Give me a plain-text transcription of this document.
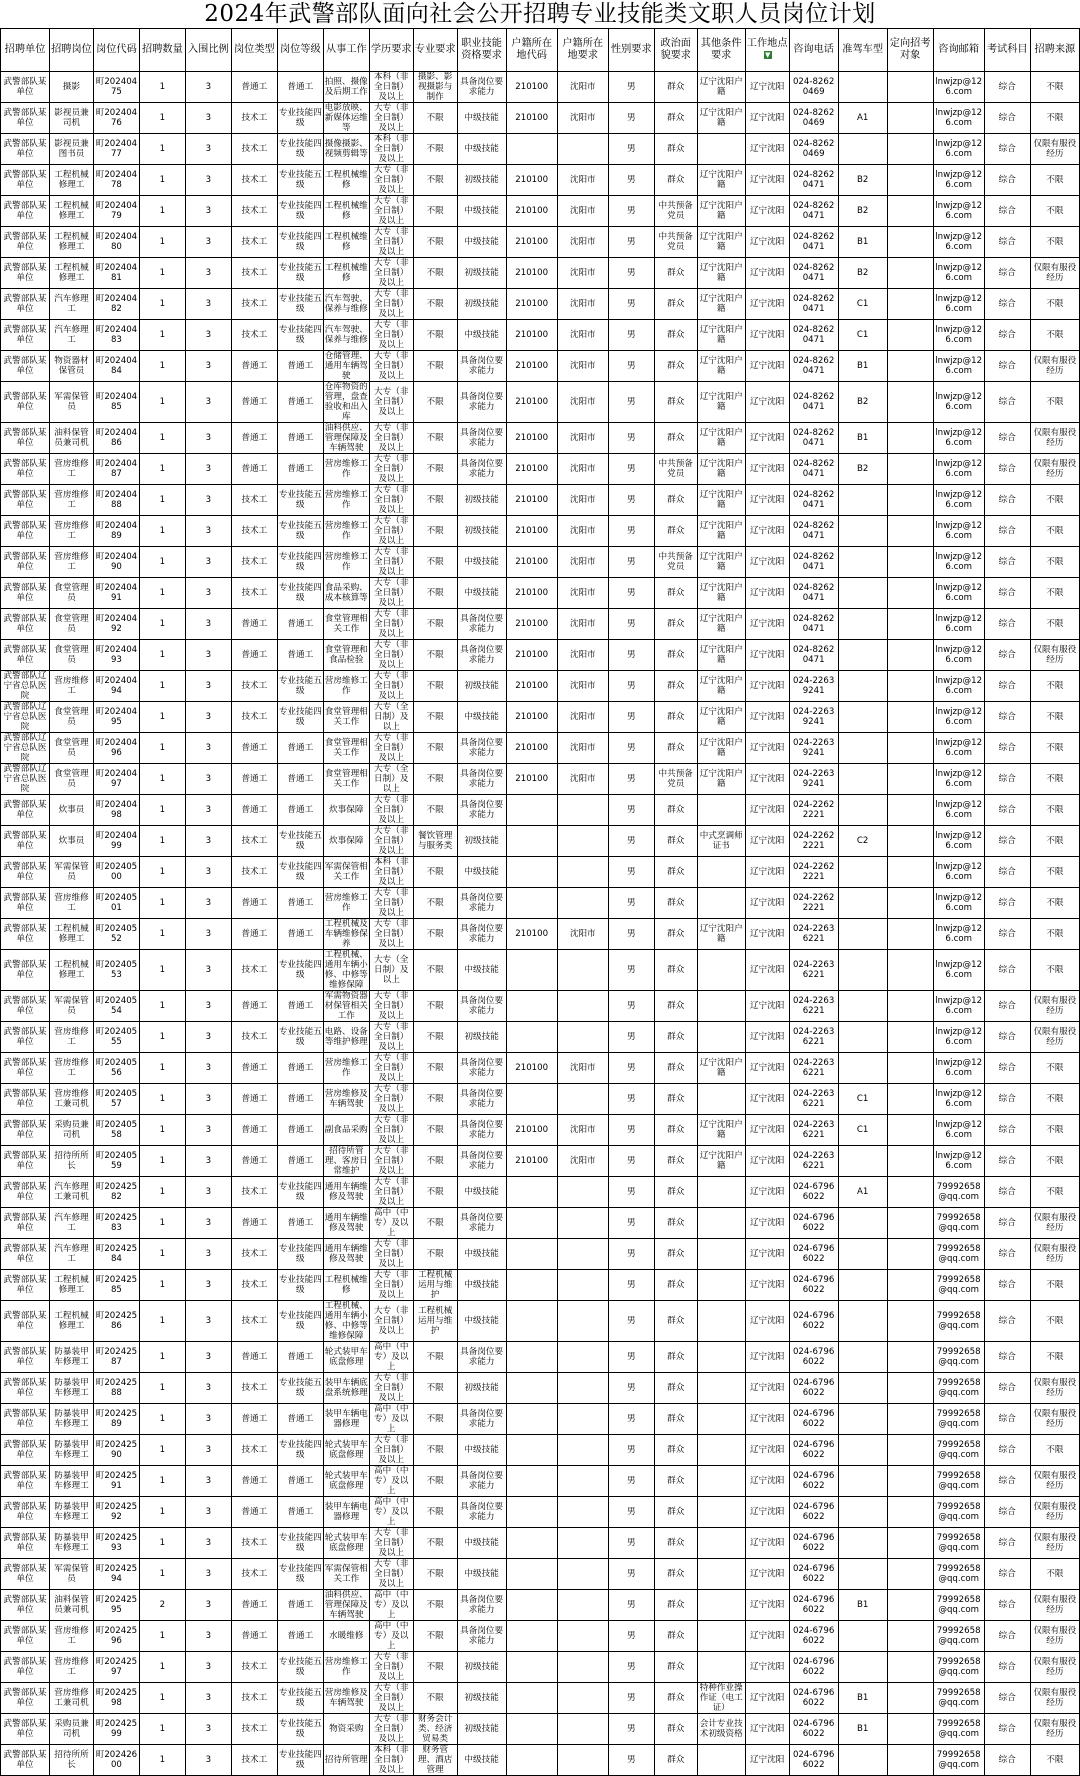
2024年武警部队面向社会公开招聘专业技能类文职人员岗位计划
招聘单位	招聘岗位	岗位代码	招聘数量	入围比例	岗位类型	岗位等级	从事工作	学历要求	专业要求	职业技能资格要求	户籍所在地代码	户籍所在地要求	性别要求	政治面貌要求	其他条件要求	工作地点▼	咨询电话	准驾车型	定向招考对象	咨询邮箱	考试科目	招聘来源
武警部队某单位	摄影	町20240475	1	3	普通工	普通工	拍照、摄像及后期工作	本科（非全日制）及以上	摄影、影视摄影与制作	具备岗位要求能力	210100	沈阳市	男	群众	辽宁沈阳户籍	辽宁沈阳	024-82620469			lnwjzp@126.com	综合	不限
武警部队某单位	影视员兼司机	町20240476	1	3	技术工	专业技能四级	电影放映、新媒体运维等	大专（非全日制）及以上	不限	中级技能	210100	沈阳市	男	群众	辽宁沈阳户籍	辽宁沈阳	024-82620469	A1		lnwjzp@126.com	综合	不限
武警部队某单位	影视员兼图书员	町20240477	1	3	技术工	专业技能四级	摄像摄影、视频剪辑等	本科（非全日制）及以上	不限	中级技能			男	群众		辽宁沈阳	024-82620469			lnwjzp@126.com	综合	仅限有服役经历
武警部队某单位	工程机械修理工	町20240478	1	3	技术工	专业技能五级	工程机械维修	大专（非全日制）及以上	不限	初级技能	210100	沈阳市	男	群众	辽宁沈阳户籍	辽宁沈阳	024-82620471	B2		lnwjzp@126.com	综合	不限
武警部队某单位	工程机械修理工	町20240479	1	3	技术工	专业技能四级	工程机械维修	大专（非全日制）及以上	不限	中级技能	210100	沈阳市	男	中共预备党员	辽宁沈阳户籍	辽宁沈阳	024-82620471	B2		lnwjzp@126.com	综合	不限
武警部队某单位	工程机械修理工	町20240480	1	3	技术工	专业技能四级	工程机械维修	大专（非全日制）及以上	不限	中级技能	210100	沈阳市	男	中共预备党员	辽宁沈阳户籍	辽宁沈阳	024-82620471	B1		lnwjzp@126.com	综合	不限
武警部队某单位	工程机械修理工	町20240481	1	3	技术工	专业技能五级	工程机械维修	大专（非全日制）及以上	不限	初级技能	210100	沈阳市	男	群众	辽宁沈阳户籍	辽宁沈阳	024-82620471	B2		lnwjzp@126.com	综合	仅限有服役经历
武警部队某单位	汽车修理工	町20240482	1	3	技术工	专业技能五级	汽车驾驶、保养与维修	大专（非全日制）及以上	不限	初级技能	210100	沈阳市	男	群众	辽宁沈阳户籍	辽宁沈阳	024-82620471	C1		lnwjzp@126.com	综合	不限
武警部队某单位	汽车修理工	町20240483	1	3	技术工	专业技能四级	汽车驾驶、保养与维修	大专（非全日制）及以上	不限	中级技能	210100	沈阳市	男	群众	辽宁沈阳户籍	辽宁沈阳	024-82620471	C1		lnwjzp@126.com	综合	不限
武警部队某单位	物资器材保管员	町20240484	1	3	普通工	普通工	仓储管理、通用车辆驾驶	大专（非全日制）及以上	不限	具备岗位要求能力	210100	沈阳市	男	群众	辽宁沈阳户籍	辽宁沈阳	024-82620471	B1		lnwjzp@126.com	综合	仅限有服役经历
武警部队某单位	军需保管员	町20240485	1	3	普通工	普通工	仓库物资的管理，盘查验收和出入库	大专（非全日制）及以上	不限	具备岗位要求能力	210100	沈阳市	男	群众	辽宁沈阳户籍	辽宁沈阳	024-82620471	B2		lnwjzp@126.com	综合	不限
武警部队某单位	油料保管员兼司机	町20240486	1	3	普通工	普通工	油料供应、管理保障及车辆驾驶	大专（非全日制）及以上	不限	具备岗位要求能力	210100	沈阳市	男	群众	辽宁沈阳户籍	辽宁沈阳	024-82620471	B1		lnwjzp@126.com	综合	仅限有服役经历
武警部队某单位	营房维修工	町20240487	1	3	普通工	普通工	营房维修工作	大专（非全日制）及以上	不限	具备岗位要求能力	210100	沈阳市	男	中共预备党员	辽宁沈阳户籍	辽宁沈阳	024-82620471	B2		lnwjzp@126.com	综合	仅限有服役经历
武警部队某单位	营房维修工	町20240488	1	3	技术工	专业技能五级	营房维修工作	大专（非全日制）及以上	不限	初级技能	210100	沈阳市	男	群众	辽宁沈阳户籍	辽宁沈阳	024-82620471			lnwjzp@126.com	综合	不限
武警部队某单位	营房维修工	町20240489	1	3	技术工	专业技能五级	营房维修工作	大专（非全日制）及以上	不限	初级技能	210100	沈阳市	男	群众	辽宁沈阳户籍	辽宁沈阳	024-82620471			lnwjzp@126.com	综合	不限
武警部队某单位	营房维修工	町20240490	1	3	技术工	专业技能四级	营房维修工作	大专（非全日制）及以上	不限	中级技能	210100	沈阳市	男	中共预备党员	辽宁沈阳户籍	辽宁沈阳	024-82620471			lnwjzp@126.com	综合	不限
武警部队某单位	食堂管理员	町20240491	1	3	技术工	专业技能四级	食品采购、成本核算等	大专（非全日制）及以上	不限	中级技能	210100	沈阳市	男	群众	辽宁沈阳户籍	辽宁沈阳	024-82620471			lnwjzp@126.com	综合	不限
武警部队某单位	食堂管理员	町20240492	1	3	普通工	普通工	食堂管理相关工作	大专（非全日制）及以上	不限	具备岗位要求能力	210100	沈阳市	男	群众	辽宁沈阳户籍	辽宁沈阳	024-82620471			lnwjzp@126.com	综合	不限
武警部队某单位	食堂管理员	町20240493	1	3	普通工	普通工	食堂管理和食品检验	大专（非全日制）及以上	不限	具备岗位要求能力	210100	沈阳市	男	群众	辽宁沈阳户籍	辽宁沈阳	024-82620471			lnwjzp@126.com	综合	仅限有服役经历
武警部队辽宁省总队医院	营房维修工	町20240494	1	3	技术工	专业技能五级	营房维修工作	大专（非全日制）及以上	不限	初级技能	210100	沈阳市	男	群众	辽宁沈阳户籍	辽宁沈阳	024-22639241			lnwjzp@126.com	综合	不限
武警部队辽宁省总队医院	食堂管理员	町20240495	1	3	技术工	专业技能四级	食堂管理相关工作	大专（全日制）及以上	不限	中级技能	210100	沈阳市	男	群众	辽宁沈阳户籍	辽宁沈阳	024-22639241			lnwjzp@126.com	综合	不限
武警部队辽宁省总队医院	食堂管理员	町20240496	1	3	普通工	普通工	食堂管理相关工作	大专（非全日制）及以上	不限	具备岗位要求能力	210100	沈阳市	男	群众	辽宁沈阳户籍	辽宁沈阳	024-22639241			lnwjzp@126.com	综合	不限
武警部队辽宁省总队医院	食堂管理员	町20240497	1	3	普通工	普通工	食堂管理相关工作	大专（全日制）及以上	不限	具备岗位要求能力	210100	沈阳市	男	中共预备党员	辽宁沈阳户籍	辽宁沈阳	024-22639241			lnwjzp@126.com	综合	不限
武警部队某单位	炊事员	町20240498	1	3	普通工	普通工	炊事保障	大专（非全日制）及以上	不限	具备岗位要求能力			男	群众		辽宁沈阳	024-22622221			lnwjzp@126.com	综合	不限
武警部队某单位	炊事员	町20240499	1	3	技术工	专业技能五级	炊事保障	大专（非全日制）及以上	餐饮管理与服务类	初级技能			男	群众	中式烹调师证书	辽宁沈阳	024-22622221	C2		lnwjzp@126.com	综合	不限
武警部队某单位	军需保管员	町20240500	1	3	技术工	专业技能四级	军需保管相关工作	本科（非全日制）及以上	不限	中级技能			男	群众		辽宁沈阳	024-22622221			lnwjzp@126.com	综合	不限
武警部队某单位	营房维修工	町20240501	1	3	普通工	普通工	营房维修工作	大专（非全日制）及以上	不限	具备岗位要求能力			男	群众		辽宁沈阳	024-22622221			lnwjzp@126.com	综合	不限
武警部队某单位	工程机械修理工	町20240552	1	3	普通工	普通工	工程机械及车辆维修保养	大专（非全日制）及以上	不限	具备岗位要求能力	210100	沈阳市	男	群众	辽宁沈阳户籍	辽宁沈阳	024-22636221			lnwjzp@126.com	综合	不限
武警部队某单位	工程机械修理工	町20240553	1	3	技术工	专业技能四级	工程机械、通用车辆小修、中修等维修保障	大专（全日制）及以上	不限	中级技能			男	群众		辽宁沈阳	024-22636221			lnwjzp@126.com	综合	不限
武警部队某单位	军需保管员	町20240554	1	3	普通工	普通工	军需物资器材保管相关工作	大专（非全日制）及以上	不限	具备岗位要求能力			男	群众		辽宁沈阳	024-22636221			lnwjzp@126.com	综合	仅限有服役经历
武警部队某单位	营房维修工	町20240555	1	3	技术工	专业技能五级	电路、设备等维护修理	大专（非全日制）及以上	不限	初级技能			男	群众		辽宁沈阳	024-22636221			lnwjzp@126.com	综合	仅限有服役经历
武警部队某单位	营房维修工	町20240556	1	3	普通工	普通工	营房维修工作	大专（非全日制）及以上	不限	具备岗位要求能力	210100	沈阳市	男	群众	辽宁沈阳户籍	辽宁沈阳	024-22636221			lnwjzp@126.com	综合	不限
武警部队某单位	营房维修工兼司机	町20240557	1	3	普通工	普通工	营房维修及车辆驾驶	大专（非全日制）及以上	不限	具备岗位要求能力			男	群众		辽宁沈阳	024-22636221	C1		lnwjzp@126.com	综合	不限
武警部队某单位	采购员兼司机	町20240558	1	3	普通工	普通工	副食品采购	大专（非全日制）及以上	不限	具备岗位要求能力	210100	沈阳市	男	群众	辽宁沈阳户籍	辽宁沈阳	024-22636221	C1		lnwjzp@126.com	综合	不限
武警部队某单位	招待所所长	町20240559	1	3	普通工	普通工	招待所管理、客房日常维护	大专（非全日制）及以上	不限	具备岗位要求能力	210100	沈阳市	男	群众	辽宁沈阳户籍	辽宁沈阳	024-22636221			lnwjzp@126.com	综合	不限
武警部队某单位	汽车修理工兼司机	町20242582	1	3	技术工	专业技能四级	通用车辆维修及驾驶	大专（非全日制）及以上	不限	中级技能			男	群众		辽宁沈阳	024-67966022	A1		79992658@qq.com	综合	不限
武警部队某单位	汽车修理工	町20242583	1	3	普通工	普通工	通用车辆维修及驾驶	高中（中专）及以上	不限	具备岗位要求能力			男	群众		辽宁沈阳	024-67966022			79992658@qq.com	综合	仅限有服役经历
武警部队某单位	汽车修理工	町20242584	1	3	技术工	专业技能四级	通用车辆维修及驾驶	大专（非全日制）及以上	不限	中级技能			男	群众		辽宁沈阳	024-67966022			79992658@qq.com	综合	仅限有服役经历
武警部队某单位	工程机械修理工	町20242585	1	3	技术工	专业技能四级	工程机械维修	大专（非全日制）及以上	工程机械运用与维护	中级技能			男	群众		辽宁沈阳	024-67966022			79992658@qq.com	综合	不限
武警部队某单位	工程机械修理工	町20242586	1	3	技术工	专业技能四级	工程机械、通用车辆小修、中修等维修保障	大专（非全日制）及以上	工程机械运用与维护	中级技能			男	群众		辽宁沈阳	024-67966022			79992658@qq.com	综合	不限
武警部队某单位	防暴装甲车修理工	町20242587	1	3	普通工	普通工	轮式装甲车底盘修理	高中（中专）及以上	不限	具备岗位要求能力			男	群众		辽宁沈阳	024-67966022			79992658@qq.com	综合	不限
武警部队某单位	防暴装甲车修理工	町20242588	1	3	技术工	专业技能五级	装甲车辆底盘系统修理	大专（非全日制）及以上	不限	初级技能			男	群众		辽宁沈阳	024-67966022			79992658@qq.com	综合	仅限有服役经历
武警部队某单位	防暴装甲车修理工	町20242589	1	3	普通工	普通工	装甲车辆电器修理	高中（中专）及以上	不限	具备岗位要求能力			男	群众		辽宁沈阳	024-67966022			79992658@qq.com	综合	仅限有服役经历
武警部队某单位	防暴装甲车修理工	町20242590	1	3	技术工	专业技能四级	轮式装甲车底盘修理	大专（非全日制）及以上	不限	中级技能			男	群众		辽宁沈阳	024-67966022			79992658@qq.com	综合	不限
武警部队某单位	防暴装甲车修理工	町20242591	1	3	普通工	普通工	轮式装甲车底盘修理	高中（中专）及以上	不限	具备岗位要求能力			男	群众		辽宁沈阳	024-67966022			79992658@qq.com	综合	仅限有服役经历
武警部队某单位	防暴装甲车修理工	町20242592	1	3	普通工	普通工	装甲车辆电器修理	高中（中专）及以上	不限	具备岗位要求能力			男	群众		辽宁沈阳	024-67966022			79992658@qq.com	综合	仅限有服役经历
武警部队某单位	防暴装甲车修理工	町20242593	1	3	技术工	专业技能四级	轮式装甲车底盘修理	大专（非全日制）及以上	不限	中级技能			男	群众		辽宁沈阳	024-67966022			79992658@qq.com	综合	仅限有服役经历
武警部队某单位	军需保管员	町20242594	1	3	技术工	专业技能四级	军需保管相关工作	大专（非全日制）及以上	不限	中级技能			男	群众		辽宁沈阳	024-67966022			79992658@qq.com	综合	不限
武警部队某单位	油料保管员兼司机	町20242595	2	3	普通工	普通工	油料供应、管理保障及车辆驾驶	高中（中专）及以上	不限	具备岗位要求能力			男	群众		辽宁沈阳	024-67966022	B1		79992658@qq.com	综合	仅限有服役经历
武警部队某单位	营房维修工	町20242596	1	3	普通工	普通工	水暖维修	高中（中专）及以上	不限	具备岗位要求能力			男	群众		辽宁沈阳	024-67966022			79992658@qq.com	综合	仅限有服役经历
武警部队某单位	营房维修工	町20242597	1	3	技术工	专业技能五级	营房维修工作	大专（非全日制）及以上	不限	初级技能			男	群众		辽宁沈阳	024-67966022			79992658@qq.com	综合	仅限有服役经历
武警部队某单位	营房维修工兼司机	町20242598	1	3	技术工	专业技能五级	营房维修及车辆驾驶	大专（非全日制）及以上	不限	初级技能			男	群众	特种作业操作证（电工证）	辽宁沈阳	024-67966022	B1		79992658@qq.com	综合	仅限有服役经历
武警部队某单位	采购员兼司机	町20242599	1	3	技术工	专业技能五级	物资采购	大专（非全日制）及以上	财务会计类、经济贸易类	初级技能			男	群众	会计专业技术初级资格	辽宁沈阳	024-67966022	B1		79992658@qq.com	综合	仅限有服役经历
武警部队某单位	招待所所长	町20242600	1	3	技术工	专业技能四级	招待所管理	本科（非全日制）及以上	财务管理、酒店管理	中级技能			男	群众		辽宁沈阳	024-67966022			79992658@qq.com	综合	不限
